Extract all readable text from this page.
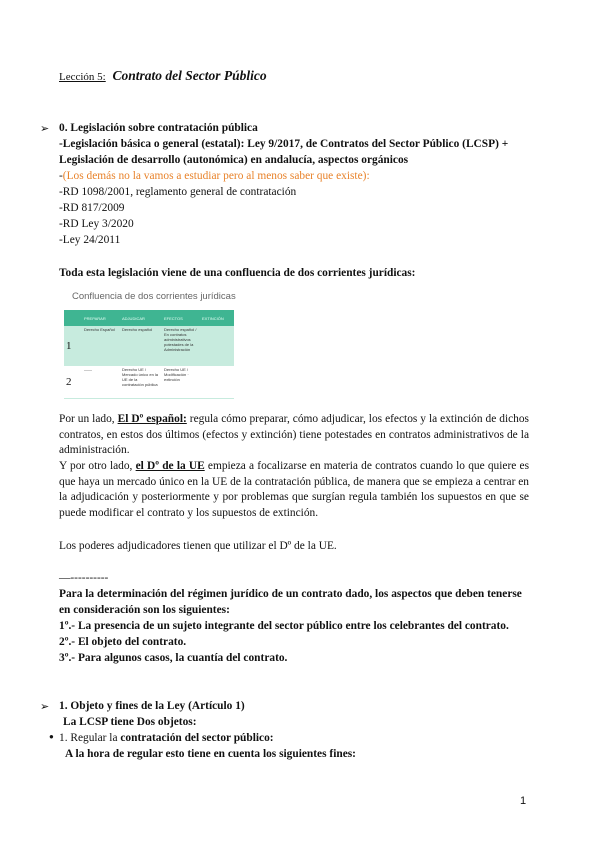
Lección 5: Contrato del Sector Público
➢ 0. Legislación sobre contratación pública
-Legislación básica o general (estatal): Ley 9/2017, de Contratos del Sector Público (LCSP) +
Legislación de desarrollo (autonómica) en andalucía, aspectos orgánicos
-(Los demás no la vamos a estudiar pero al menos saber que existe):
-RD 1098/2001, reglamento general de contratación
-RD 817/2009
-RD Ley 3/2020
-Ley 24/2011
Toda esta legislación viene de una confluencia de dos corrientes jurídicas:
Confluencia de dos corrientes jurídicas
	PREPARAR	ADJUDICAR	EFECTOS	EXTINCIÓN
1	Derecho Español	Derecho español	Derecho español / En contratos administrativos potestades de la Administración	
2	——	Derecho UE / Mercado único en la UE de la contratación pública	Derecho UE / Modificación · extinción	
Por un lado, El Dº español: regula cómo preparar, cómo adjudicar, los efectos y la extinción de dichos contratos, en estos dos últimos (efectos y extinción) tiene potestades en contratos administrativos de la administración.
Y por otro lado, el Dº de la UE empieza a focalizarse en materia de contratos cuando lo que quiere es que haya un mercado único en la UE de la contratación pública, de manera que se empieza a centrar en la adjudicación y posteriormente y por problemas que surgían regula también los supuestos en que se puede modificar el contrato y los supuestos de extinción.
Los poderes adjudicadores tienen que utilizar el Dº de la UE.
—----------
Para la determinación del régimen jurídico de un contrato dado, los aspectos que deben tenerse
en consideración son los siguientes:
1º.- La presencia de un sujeto integrante del sector público entre los celebrantes del contrato.
2º.- El objeto del contrato.
3º.- Para algunos casos, la cuantía del contrato.
➢ 1. Objeto y fines de la Ley (Artículo 1)
La LCSP tiene Dos objetos:
● 1. Regular la contratación del sector público:
A la hora de regular esto tiene en cuenta los siguientes fines:
1
